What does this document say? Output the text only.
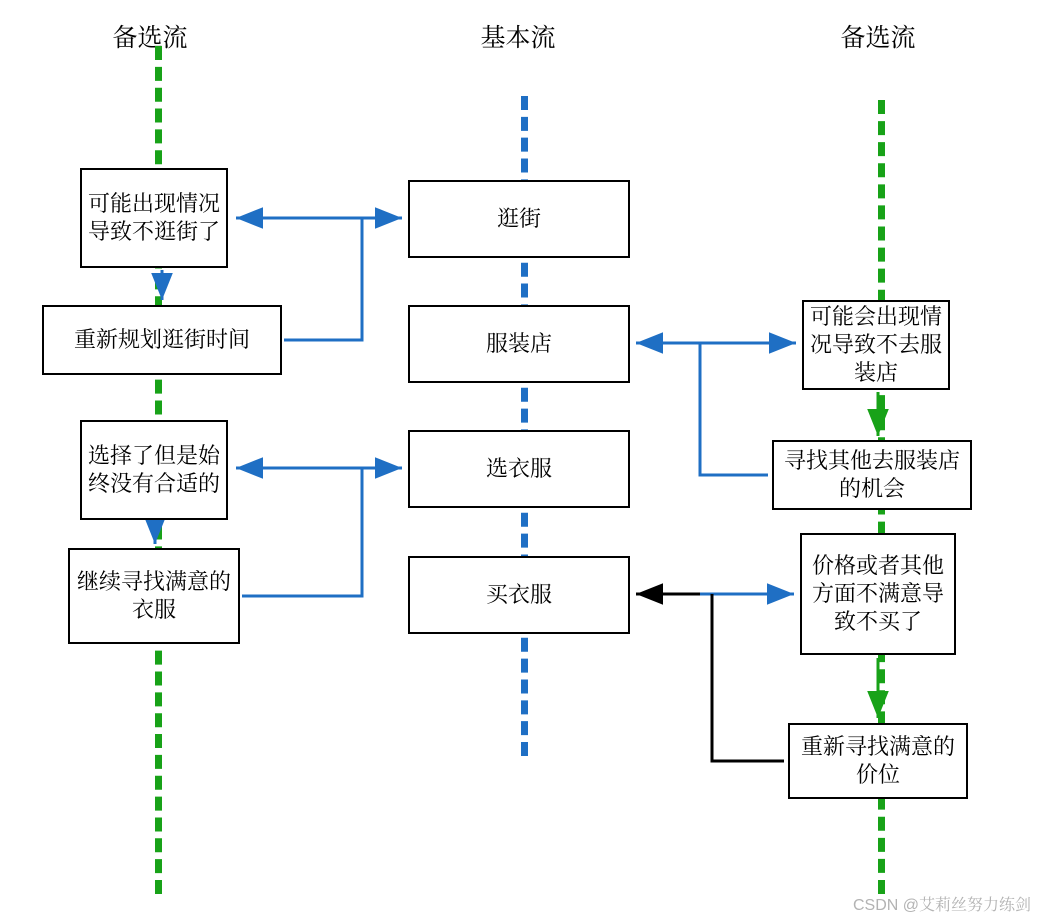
备选流	基本流	备选流
可能出现情况导致不逛街了
重新规划逛街时间
选择了但是始终没有合适的
继续寻找满意的衣服
逛街
服装店
选衣服
买衣服
可能会出现情况导致不去服装店
寻找其他去服装店的机会
价格或者其他方面不满意导致不买了
重新寻找满意的价位
CSDN @艾莉丝努力练剑
